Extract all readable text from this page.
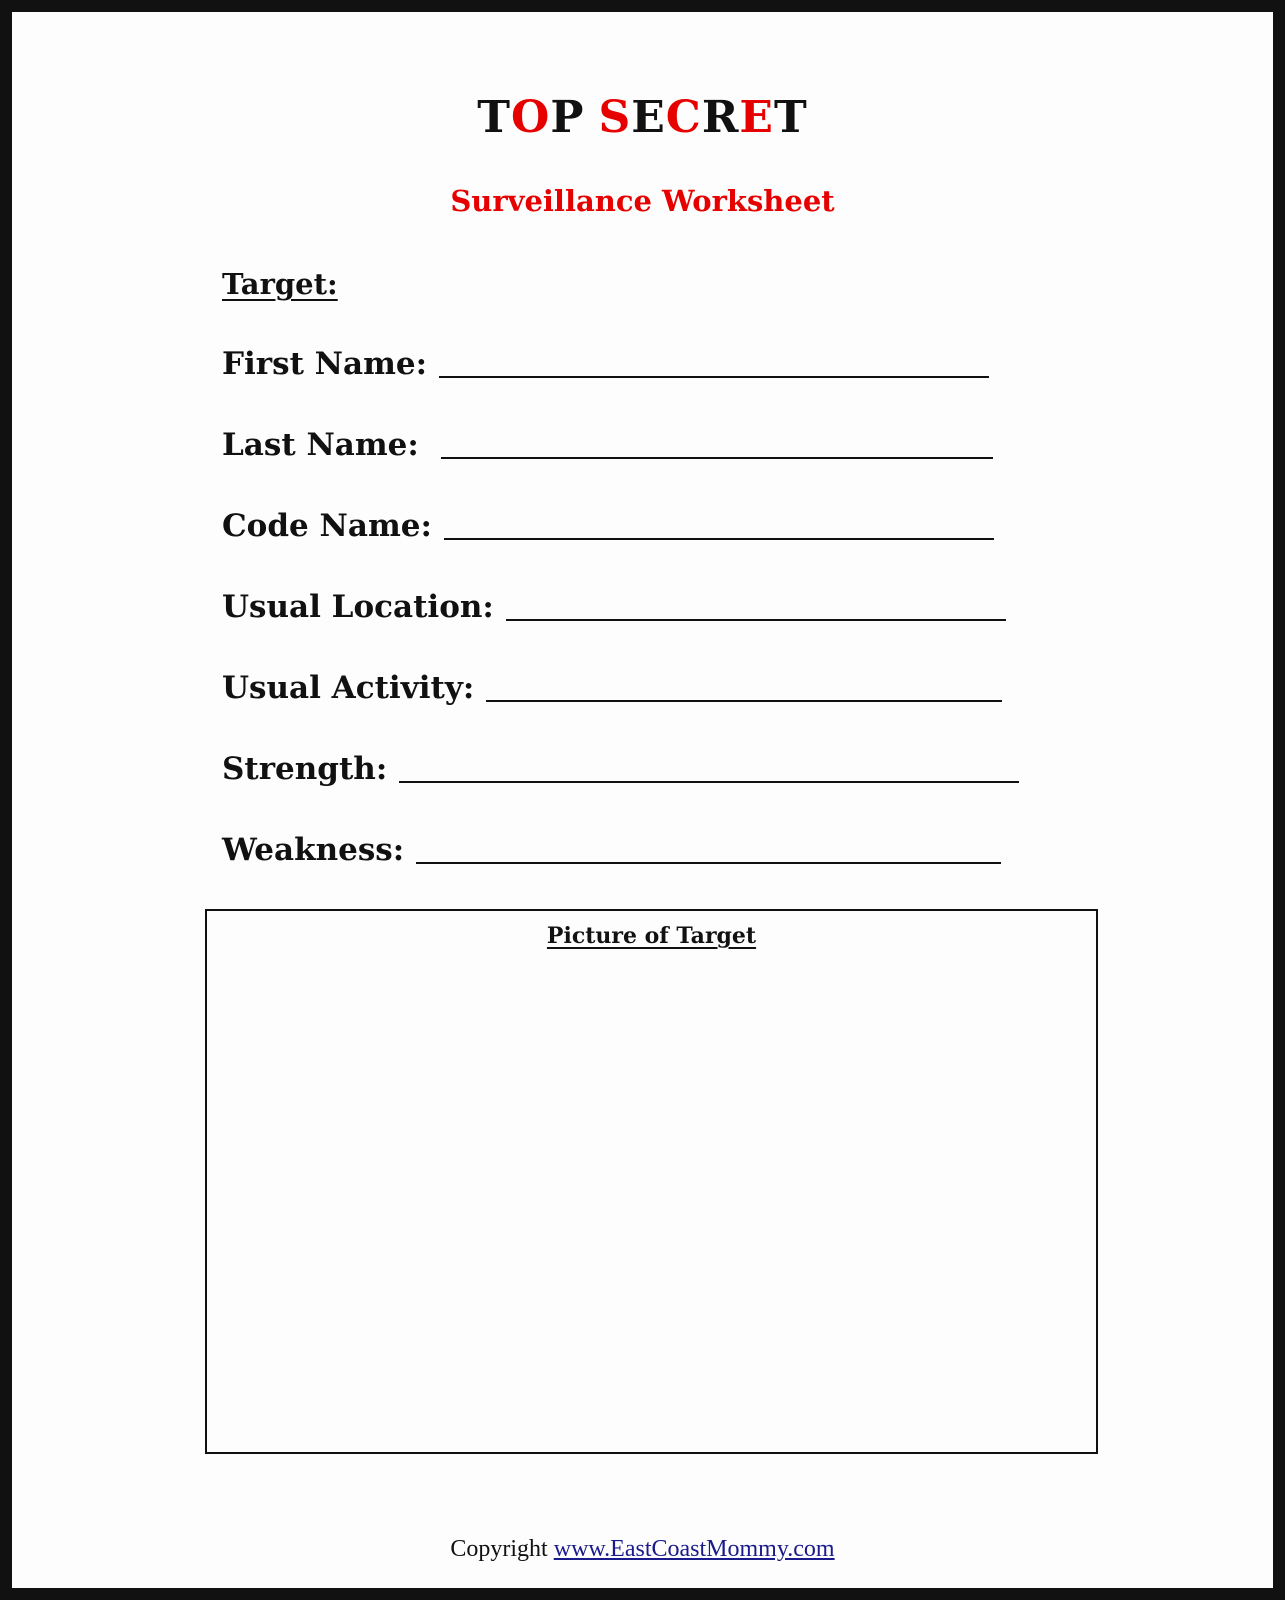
TOP SECRET
Surveillance Worksheet
Target:
First Name:
Last Name:
Code Name:
Usual Location:
Usual Activity:
Strength:
Weakness:
Picture of Target
Copyright www.EastCoastMommy.com
